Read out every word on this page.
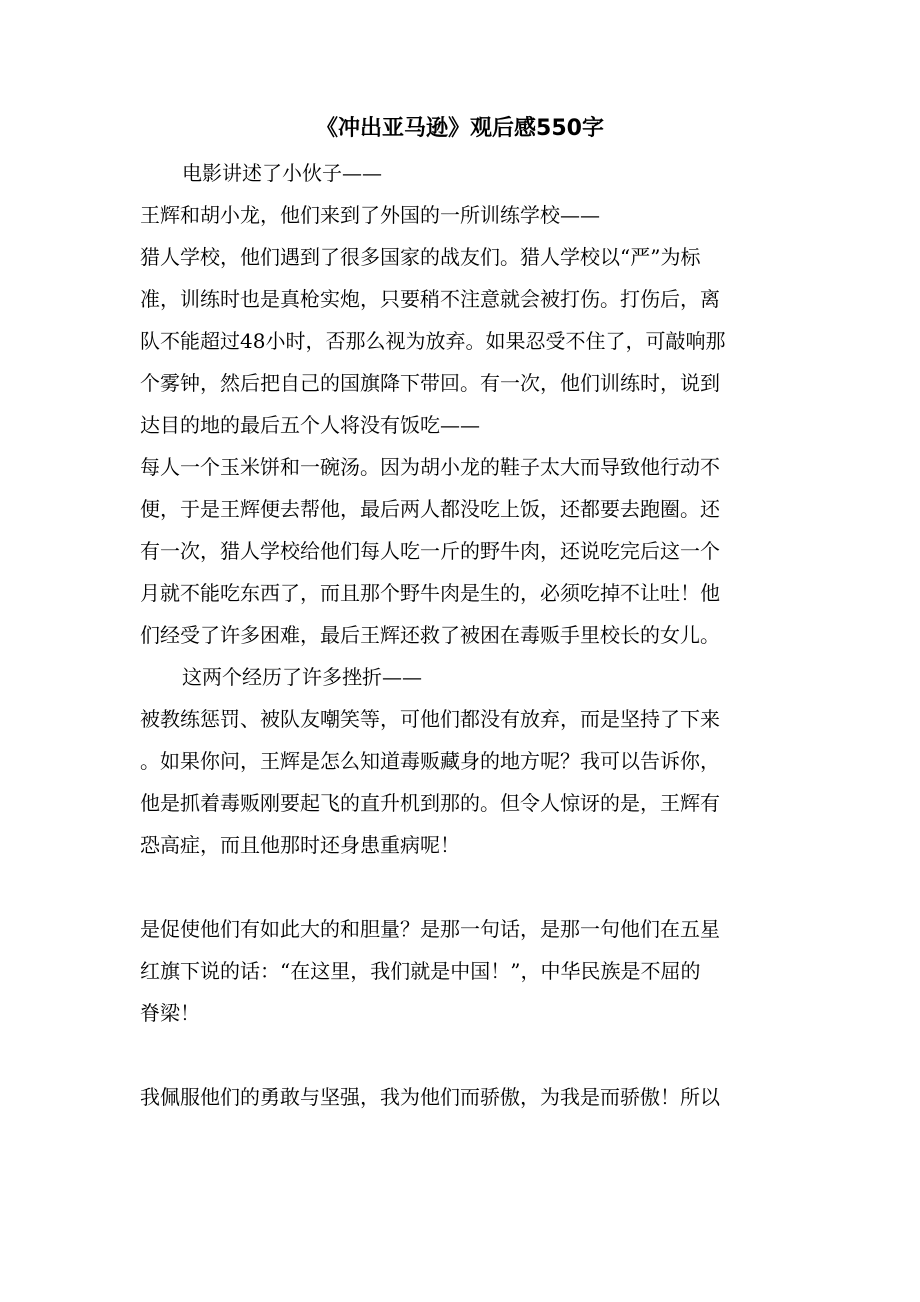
《冲出亚马逊》观后感550字
电影讲述了小伙子——
王辉和胡小龙，他们来到了外国的一所训练学校——
猎人学校，他们遇到了很多国家的战友们。猎人学校以“严”为标
准，训练时也是真枪实炮，只要稍不注意就会被打伤。打伤后，离
队不能超过48小时，否那么视为放弃。如果忍受不住了，可敲响那
个雾钟，然后把自己的国旗降下带回。有一次，他们训练时，说到
达目的地的最后五个人将没有饭吃——
每人一个玉米饼和一碗汤。因为胡小龙的鞋子太大而导致他行动不
便，于是王辉便去帮他，最后两人都没吃上饭，还都要去跑圈。还
有一次，猎人学校给他们每人吃一斤的野牛肉，还说吃完后这一个
月就不能吃东西了，而且那个野牛肉是生的，必须吃掉不让吐！他
们经受了许多困难，最后王辉还救了被困在毒贩手里校长的女儿。
这两个经历了许多挫折——
被教练惩罚、被队友嘲笑等，可他们都没有放弃，而是坚持了下来
。如果你问，王辉是怎么知道毒贩藏身的地方呢？我可以告诉你，
他是抓着毒贩刚要起飞的直升机到那的。但令人惊讶的是，王辉有
恐高症，而且他那时还身患重病呢！
是促使他们有如此大的和胆量？是那一句话，是那一句他们在五星
红旗下说的话：“在这里，我们就是中国！”，中华民族是不屈的
脊梁！
我佩服他们的勇敢与坚强，我为他们而骄傲，为我是而骄傲！所以
